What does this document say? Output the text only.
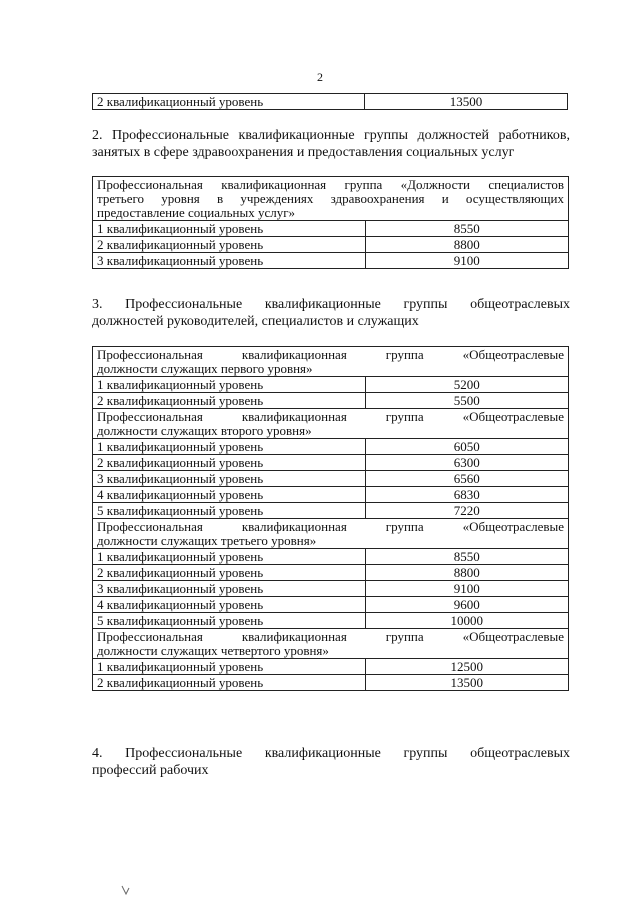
2
2 квалификационный уровень	13500
2. Профессиональные квалификационные группы должностей работников,
занятых в сфере здравоохранения и предоставления социальных услуг
Профессиональная квалификационная группа «Должности специалистов
третьего уровня в учреждениях здравоохранения и осуществляющих
предоставление социальных услуг»	

1 квалификационный уровень	8550
2 квалификационный уровень	8800
3 квалификационный уровень	9100
3. Профессиональные квалификационные группы общеотраслевых
должностей руководителей, специалистов и служащих
Профессиональная квалификационная группа «Общеотраслевые
должности служащих первого уровня»	

1 квалификационный уровень	5200
2 квалификационный уровень	5500

Профессиональная квалификационная группа «Общеотраслевые
должности служащих второго уровня»	

1 квалификационный уровень	6050
2 квалификационный уровень	6300
3 квалификационный уровень	6560
4 квалификационный уровень	6830
5 квалификационный уровень	7220

Профессиональная квалификационная группа «Общеотраслевые
должности служащих третьего уровня»	

1 квалификационный уровень	8550
2 квалификационный уровень	8800
3 квалификационный уровень	9100
4 квалификационный уровень	9600
5 квалификационный уровень	10000

Профессиональная квалификационная группа «Общеотраслевые
должности служащих четвертого уровня»	

1 квалификационный уровень	12500
2 квалификационный уровень	13500
4. Профессиональные квалификационные группы общеотраслевых
профессий рабочих
